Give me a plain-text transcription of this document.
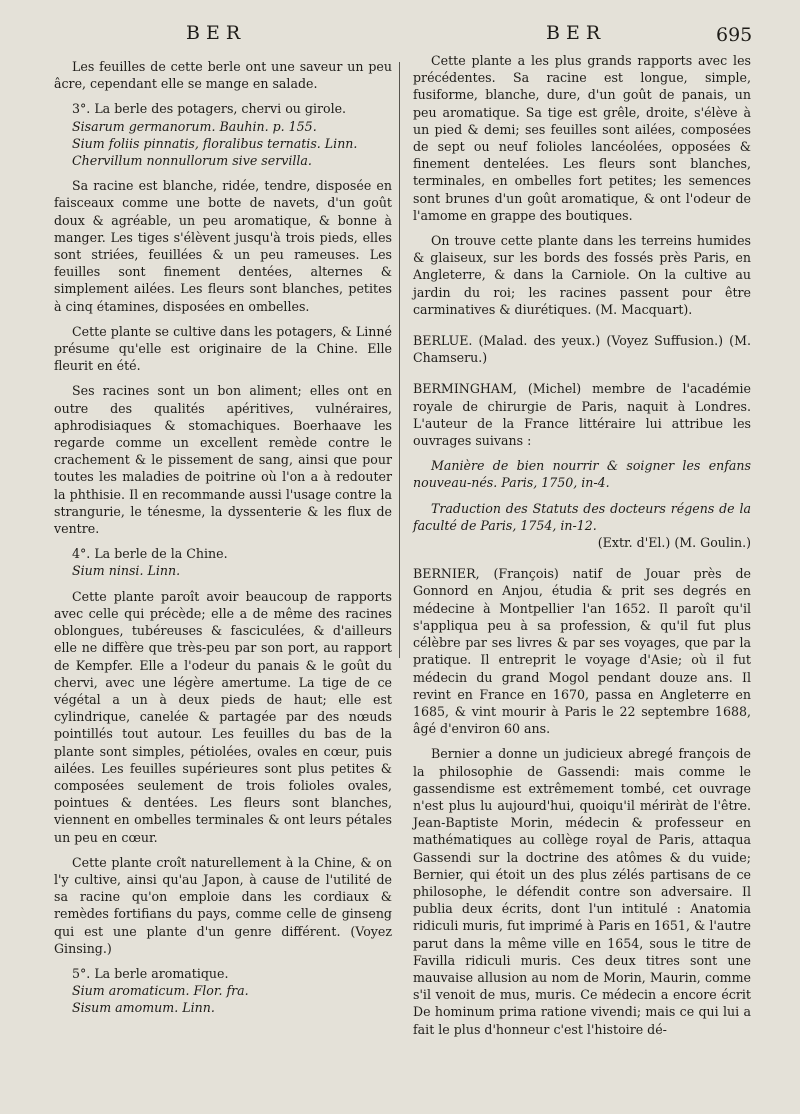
BER	BER	695

Les feuilles de cette berle ont une saveur un peu âcre, cependant elle se mange en salade.

3°. La berle des potagers, chervi ou girole.

Sisarum germanorum. Bauhin. p. 155.

Sium foliis pinnatis, floralibus ternatis. Linn.

Chervillum nonnullorum sive servilla.

Sa racine est blanche, ridée, tendre, disposée en faisceaux comme une botte de navets, d'un goût doux & agréable, un peu aromatique, & bonne à manger. Les tiges s'élèvent jusqu'à trois pieds, elles sont striées, feuillées & un peu rameuses. Les feuilles sont finement dentées, alternes & simplement ailées. Les fleurs sont blanches, petites à cinq étamines, disposées en ombelles.

Cette plante se cultive dans les potagers, & Linné présume qu'elle est originaire de la Chine. Elle fleurit en été.

Ses racines sont un bon aliment; elles ont en outre des qualités apéritives, vulnéraires, aphrodisiaques & stomachiques. Boerhaave les regarde comme un excellent remède contre le crachement & le pissement de sang, ainsi que pour toutes les maladies de poitrine où l'on a à redouter la phthisie. Il en recommande aussi l'usage contre la strangurie, le ténesme, la dyssenterie & les flux de ventre.

4°. La berle de la Chine.

Sium ninsi. Linn.

Cette plante paroît avoir beaucoup de rapports avec celle qui précède; elle a de même des racines oblongues, tubéreuses & fasciculées, & d'ailleurs elle ne diffère que très-peu par son port, au rapport de Kempfer. Elle a l'odeur du panais & le goût du chervi, avec une légère amertume. La tige de ce végétal a un à deux pieds de haut; elle est cylindrique, canelée & partagée par des nœuds pointillés tout autour. Les feuilles du bas de la plante sont simples, pétiolées, ovales en cœur, puis ailées. Les feuilles supérieures sont plus petites & composées seulement de trois folioles ovales, pointues & dentées. Les fleurs sont blanches, viennent en ombelles terminales & ont leurs pétales un peu en cœur.

Cette plante croît naturellement à la Chine, & on l'y cultive, ainsi qu'au Japon, à cause de l'utilité de sa racine qu'on emploie dans les cordiaux & remèdes fortifians du pays, comme celle de ginseng qui est une plante d'un genre différent. (Voyez Ginsing.)

5°. La berle aromatique.

Sium aromaticum. Flor. fra.

Sisum amomum. Linn.

Cette plante a les plus grands rapports avec les précédentes. Sa racine est longue, simple, fusiforme, blanche, dure, d'un goût de panais, un peu aromatique. Sa tige est grêle, droite, s'élève à un pied & demi; ses feuilles sont ailées, composées de sept ou neuf folioles lancéolées, opposées & finement dentelées. Les fleurs sont blanches, terminales, en ombelles fort petites; les semences sont brunes d'un goût aromatique, & ont l'odeur de l'amome en grappe des boutiques.

On trouve cette plante dans les terreins humides & glaiseux, sur les bords des fossés près Paris, en Angleterre, & dans la Carniole. On la cultive au jardin du roi; les racines passent pour être carminatives & diurétiques. (M. Macquart).

BERLUE. (Malad. des yeux.) (Voyez Suffusion.) (M. Chamseru.)

BERMINGHAM, (Michel) membre de l'académie royale de chirurgie de Paris, naquit à Londres. L'auteur de la France littéraire lui attribue les ouvrages suivans :

Manière de bien nourrir & soigner les enfans nouveau-nés. Paris, 1750, in-4.

Traduction des Statuts des docteurs régens de la faculté de Paris, 1754, in-12.

(Extr. d'El.) (M. Goulin.)

BERNIER, (François) natif de Jouar près de Gonnord en Anjou, étudia & prit ses degrés en médecine à Montpellier l'an 1652. Il paroît qu'il s'appliqua peu à sa profession, & qu'il fut plus célèbre par ses livres & par ses voyages, que par la pratique. Il entreprit le voyage d'Asie; où il fut médecin du grand Mogol pendant douze ans. Il revint en France en 1670, passa en Angleterre en 1685, & vint mourir à Paris le 22 septembre 1688, âgé d'environ 60 ans.

Bernier a donne un judicieux abregé françois de la philosophie de Gassendi: mais comme le gassendisme est extrêmement tombé, cet ouvrage n'est plus lu aujourd'hui, quoiqu'il mériràt de l'être. Jean-Baptiste Morin, médecin & professeur en mathématiques au collège royal de Paris, attaqua Gassendi sur la doctrine des atômes & du vuide; Bernier, qui étoit un des plus zélés partisans de ce philosophe, le défendit contre son adversaire. Il publia deux écrits, dont l'un intitulé : Anatomia ridiculi muris, fut imprimé à Paris en 1651, & l'autre parut dans la même ville en 1654, sous le titre de Favilla ridiculi muris. Ces deux titres sont une mauvaise allusion au nom de Morin, Maurin, comme s'il venoit de mus, muris. Ce médecin a encore écrit De hominum prima ratione vivendi; mais ce qui lui a fait le plus d'honneur c'est l'histoire dé-
